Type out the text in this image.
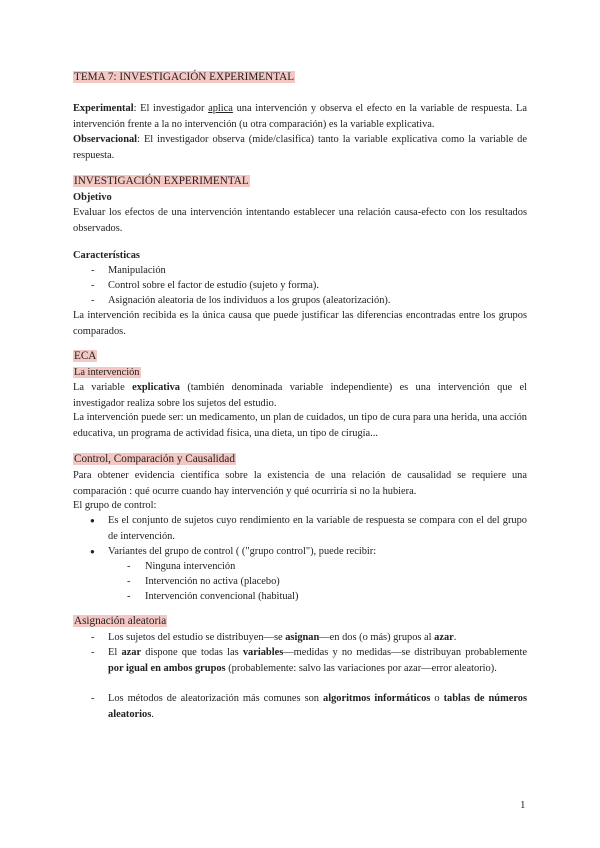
TEMA 7: INVESTIGACIÓN EXPERIMENTAL
Experimental: El investigador aplica una intervención y observa el efecto en la variable de respuesta. La intervención frente a la no intervención (u otra comparación) es la variable explicativa.
Observacional: El investigador observa (mide/clasifica) tanto la variable explicativa como la variable de respuesta.
INVESTIGACIÓN EXPERIMENTAL
Objetivo
Evaluar los efectos de una intervención intentando establecer una relación causa-efecto con los resultados observados.
Características
- Manipulación
- Control sobre el factor de estudio (sujeto y forma).
- Asignación aleatoria de los individuos a los grupos (aleatorización).
La intervención recibida es la única causa que puede justificar las diferencias encontradas entre los grupos comparados.
ECA
La intervención
La variable explicativa (también denominada variable independiente) es una intervención que el investigador realiza sobre los sujetos del estudio.
La intervención puede ser: un medicamento, un plan de cuidados, un tipo de cura para una herida, una acción educativa, un programa de actividad física, una dieta, un tipo de cirugía...
Control, Comparación y Causalidad
Para obtener evidencia científica sobre la existencia de una relación de causalidad se requiere una comparación : qué ocurre cuando hay intervención y qué ocurriría si no la hubiera.
El grupo de control:
● Es el conjunto de sujetos cuyo rendimiento en la variable de respuesta se compara con el del grupo de intervención.
● Variantes del grupo de control ( ("grupo control"), puede recibir:
- Ninguna intervención
- Intervención no activa (placebo)
- Intervención convencional (habitual)
Asignación aleatoria
- Los sujetos del estudio se distribuyen—se asignan—en dos (o más) grupos al azar.
- El azar dispone que todas las variables—medidas y no medidas—se distribuyan probablemente por igual en ambos grupos (probablemente: salvo las variaciones por azar—error aleatorio).
- Los métodos de aleatorización más comunes son algoritmos informáticos o tablas de números aleatorios.
1
